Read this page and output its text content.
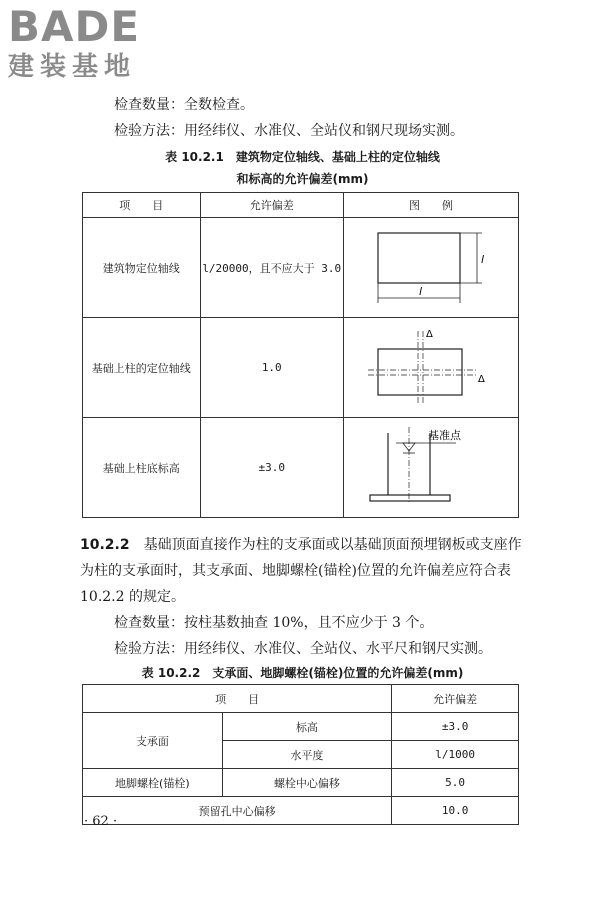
BADE
建装基地
检查数量：全数检查。
检验方法：用经纬仪、水准仪、全站仪和钢尺现场实测。
表 10.2.1　建筑物定位轴线、基础上柱的定位轴线
和标高的允许偏差(mm)
项　　目	允许偏差	图　　例
建筑物定位轴线	l/20000，且不应大于 3.0	l
l

基础上柱的定位轴线	1.0	Δ
Δ

基础上柱底标高	±3.0	基准点
10.2.2 基础顶面直接作为柱的支承面或以基础顶面预埋钢板或支座作为柱的支承面时，其支承面、地脚螺栓(锚栓)位置的允许偏差应符合表 10.2.2 的规定。
检查数量：按柱基数抽查 10%，且不应少于 3 个。
检验方法：用经纬仪、水准仪、全站仪、水平尺和钢尺实测。
表 10.2.2　支承面、地脚螺栓(锚栓)位置的允许偏差(mm)
项　　目		允许偏差
支承面	标高	±3.0
	水平度	l/1000
地脚螺栓(锚栓)	螺栓中心偏移	5.0
预留孔中心偏移		10.0
· 62 ·
